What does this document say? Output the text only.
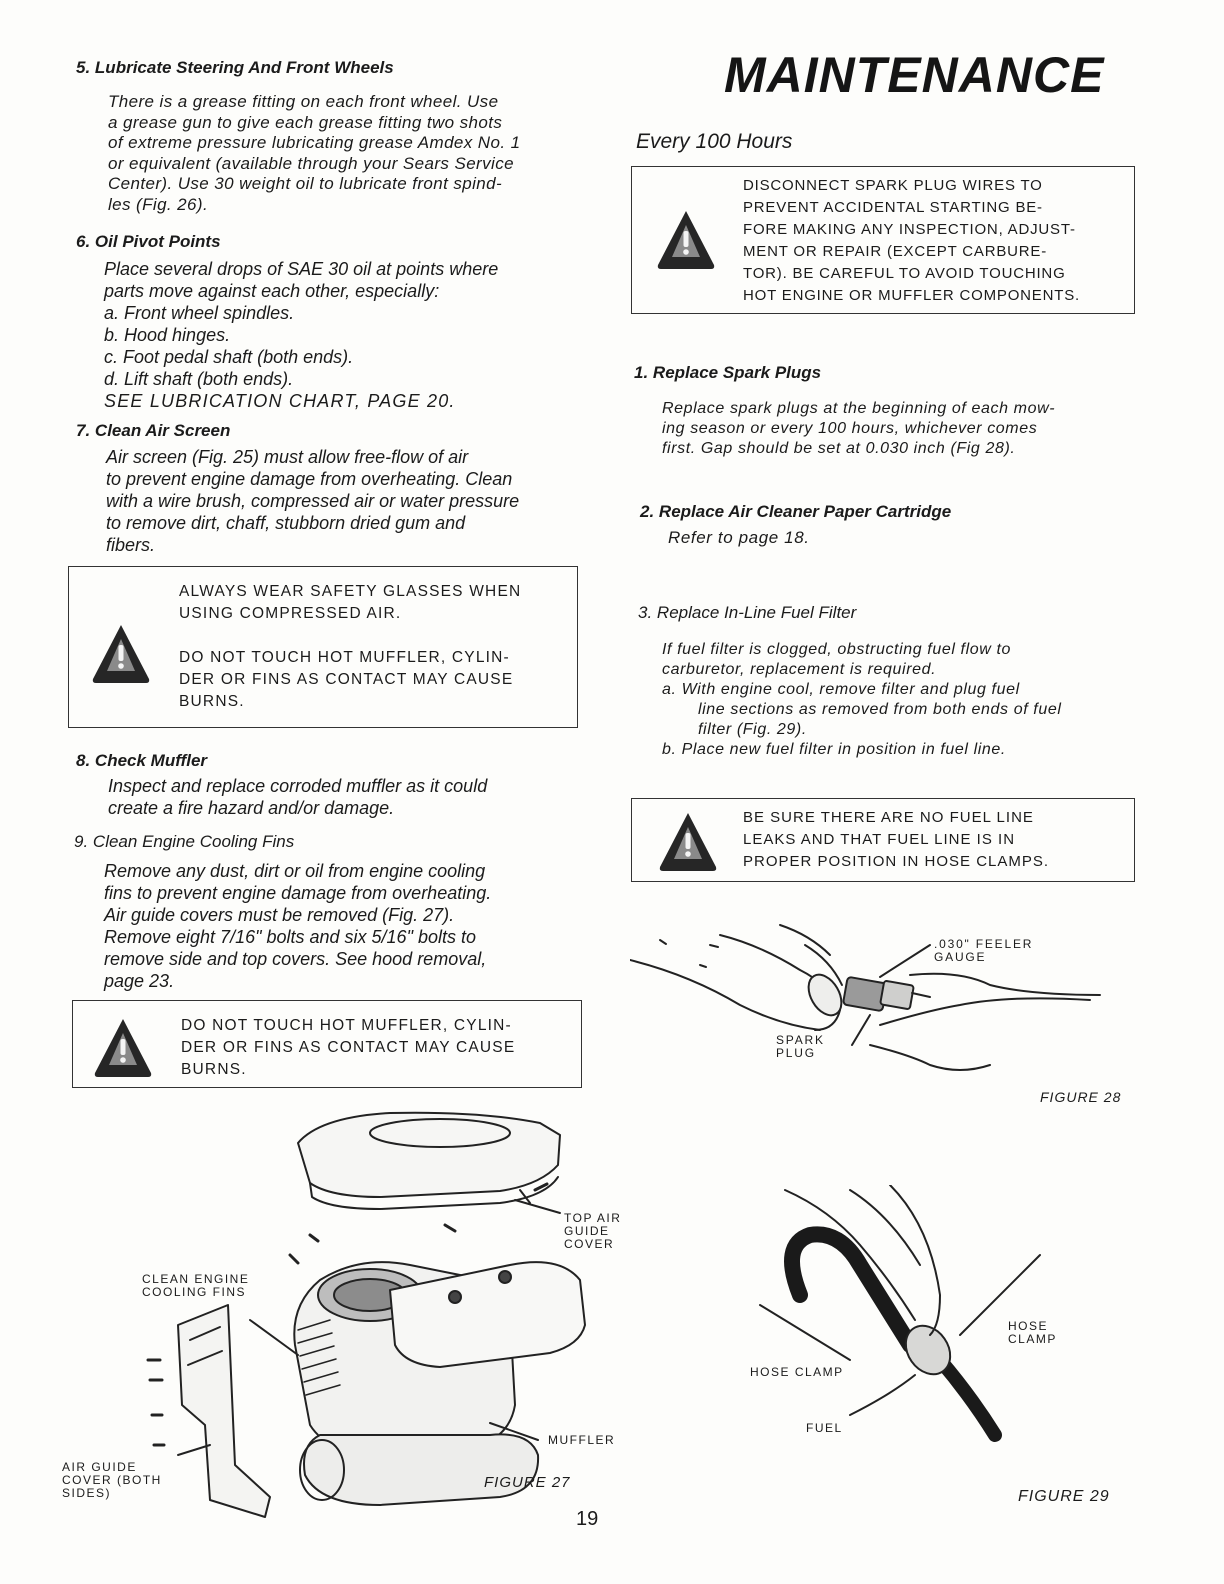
5. Lubricate Steering And Front Wheels

There is a grease fitting on each front wheel. Use

a grease gun to give each grease fitting two shots

of extreme pressure lubricating grease Amdex No. 1

or equivalent (available through your Sears Service

Center). Use 30 weight oil to lubricate front spind-

les (Fig. 26).

6. Oil Pivot Points

Place several drops of SAE 30 oil at points where

parts move against each other, especially:

a. Front wheel spindles.

b. Hood hinges.

c. Foot pedal shaft (both ends).

d. Lift shaft (both ends).

SEE LUBRICATION CHART, PAGE 20.

7. Clean Air Screen

Air screen (Fig. 25) must allow free-flow of air

to prevent engine damage from overheating. Clean

with a wire brush, compressed air or water pressure

to remove dirt, chaff, stubborn dried gum and

fibers.

ALWAYS WEAR SAFETY GLASSES WHEN

USING COMPRESSED AIR.

DO NOT TOUCH HOT MUFFLER, CYLIN-

DER OR FINS AS CONTACT MAY CAUSE

BURNS.

8. Check Muffler

Inspect and replace corroded muffler as it could

create a fire hazard and/or damage.

9. Clean Engine Cooling Fins

Remove any dust, dirt or oil from engine cooling

fins to prevent engine damage from overheating.

Air guide covers must be removed (Fig. 27).

Remove eight 7/16" bolts and six 5/16" bolts to

remove side and top covers. See hood removal,

page 23.

DO NOT TOUCH HOT MUFFLER, CYLIN-

DER OR FINS AS CONTACT MAY CAUSE

BURNS.

TOP AIR
GUIDE
COVER
CLEAN ENGINE
COOLING FINS
MUFFLER
AIR GUIDE
COVER (BOTH
SIDES)
FIGURE 27
19
MAINTENANCE
Every 100 Hours

DISCONNECT SPARK PLUG WIRES TO

PREVENT ACCIDENTAL STARTING BE-

FORE MAKING ANY INSPECTION, ADJUST-

MENT OR REPAIR (EXCEPT CARBURE-

TOR). BE CAREFUL TO AVOID TOUCHING

HOT ENGINE OR MUFFLER COMPONENTS.

1. Replace Spark Plugs

Replace spark plugs at the beginning of each mow-

ing season or every 100 hours, whichever comes

first. Gap should be set at 0.030 inch (Fig 28).

2. Replace Air Cleaner Paper Cartridge

Refer to page 18.

3. Replace In-Line Fuel Filter

If fuel filter is clogged, obstructing fuel flow to

carburetor, replacement is required.

a. With engine cool, remove filter and plug fuel

line sections as removed from both ends of fuel

filter (Fig. 29).

b. Place new fuel filter in position in fuel line.

BE SURE THERE ARE NO FUEL LINE

LEAKS AND THAT FUEL LINE IS IN

PROPER POSITION IN HOSE CLAMPS.

.030" FEELER
GAUGE
SPARK
PLUG
FIGURE 28
HOSE
CLAMP
HOSE CLAMP
FUEL
FIGURE 29
